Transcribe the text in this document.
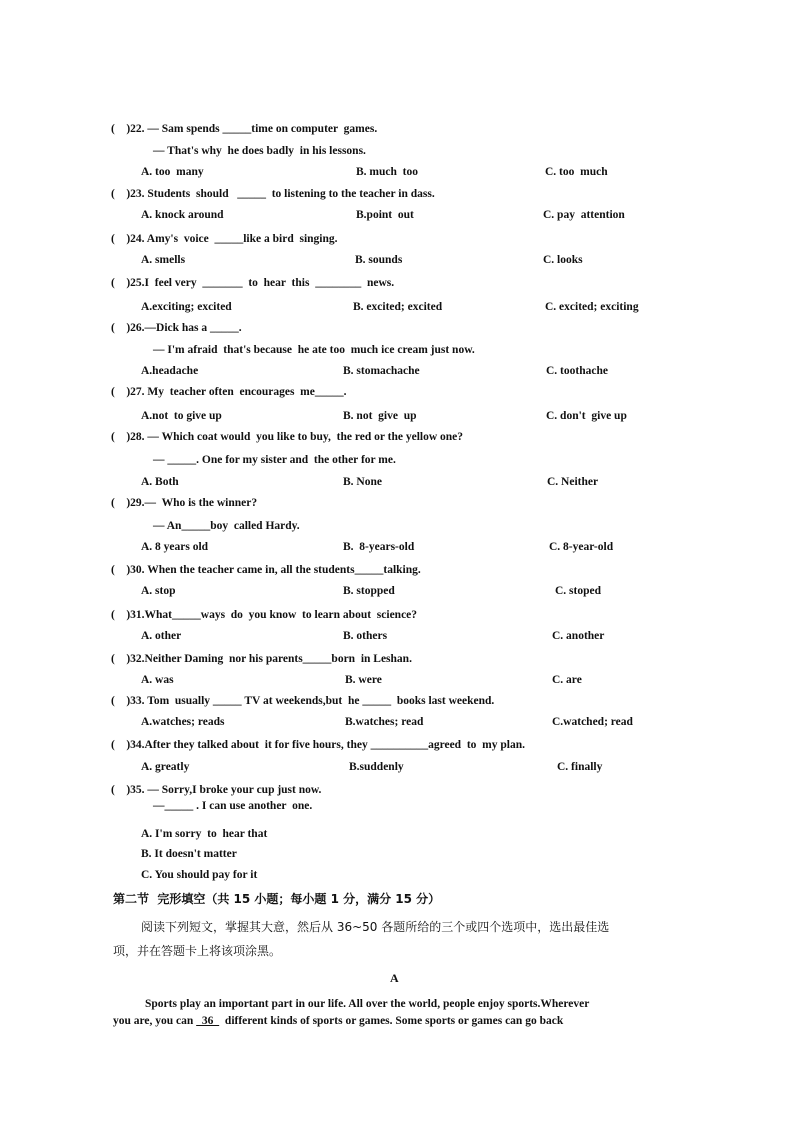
(    )22. — Sam spends _____time on computer  games.
— That's why  he does badly  in his lessons.
A. too  many	B. much  too	C. too  much
(    )23. Students  should   _____  to listening to the teacher in dass.
A. knock around	B.point  out	C. pay  attention
(    )24. Amy's  voice  _____like a bird  singing.
A. smells	B. sounds	C. looks
(    )25.I  feel very  _______  to  hear  this  ________  news.
A.exciting; excited	B. excited; excited	C. excited; exciting
(    )26.—Dick has a _____.
— I'm afraid  that's because  he ate too  much ice cream just now.
A.headache	B. stomachache	C. toothache
(    )27. My  teacher often  encourages  me_____.
A.not  to give up	B. not  give  up	C. don't  give up
(    )28. — Which coat would  you like to buy,  the red or the yellow one?
— _____. One for my sister and  the other for me.
A. Both	B. None	C. Neither
(    )29.—  Who is the winner?
— An_____boy  called Hardy.
A. 8 years old	B.  8-years-old	C. 8-year-old
(    )30. When the teacher came in, all the students_____talking.
A. stop	B. stopped	C. stoped
(    )31.What_____ways  do  you know  to learn about  science?
A. other	B. others	C. another
(    )32.Neither Daming  nor his parents_____born  in Leshan.
A. was	B. were	C. are
(    )33. Tom  usually _____ TV at weekends,but  he _____  books last weekend.
A.watches; reads	B.watches; read	C.watched; read
(    )34.After they talked about  it for five hours, they __________agreed  to  my plan.
A. greatly	B.suddenly	C. finally
(    )35. — Sorry,I broke your cup just now.
—_____ . I can use another  one.
A. I'm sorry  to  hear that
B. It doesn't matter
C. You should pay for it
第二节  完形填空（共 15 小题；每小题 1 分，满分 15 分）
阅读下列短文，掌握其大意，然后从 36~50 各题所给的三个或四个选项中，选出最佳选
项，并在答题卡上将该项涂黑。
A
Sports play an important part in our life. All over the world, people enjoy sports.Wherever
you are, you can   36    different kinds of sports or games. Some sports or games can go back
